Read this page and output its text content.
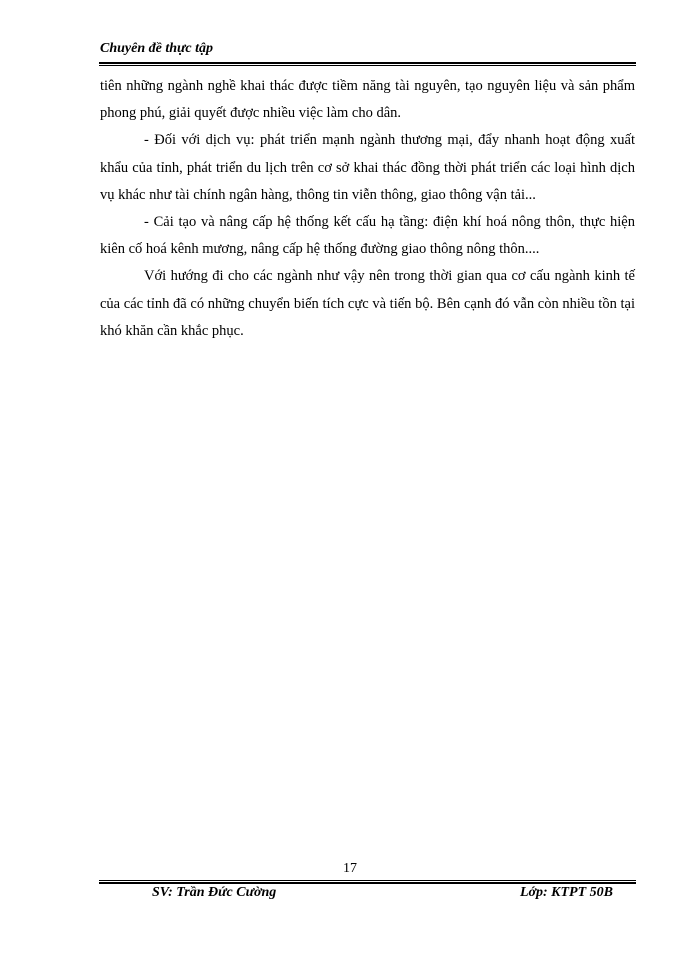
Chuyên đề thực tập

tiên những ngành nghề khai thác được tiềm năng tài nguyên, tạo nguyên liệu và sản phẩm phong phú, giải quyết được nhiều việc làm cho dân.

- Đối với dịch vụ: phát triển mạnh ngành thương mại, đẩy nhanh hoạt động xuất khẩu của tỉnh, phát triển du lịch trên cơ sở khai thác đồng thời phát triển các loại hình dịch vụ khác như tài chính ngân hàng, thông tin viễn thông, giao thông vận tải...

- Cải tạo và nâng cấp hệ thống kết cấu hạ tầng: điện khí hoá nông thôn, thực hiện kiên cố hoá kênh mương, nâng cấp hệ thống đường giao thông nông thôn....

Với hướng đi cho các ngành như vậy nên trong thời gian qua cơ cấu ngành kinh tế của các tỉnh đã có những chuyển biến tích cực và tiến bộ. Bên cạnh đó vẫn còn nhiều tồn tại khó khăn cần khắc phục.

17
SV: Trần Đức Cường	Lớp: KTPT 50B
